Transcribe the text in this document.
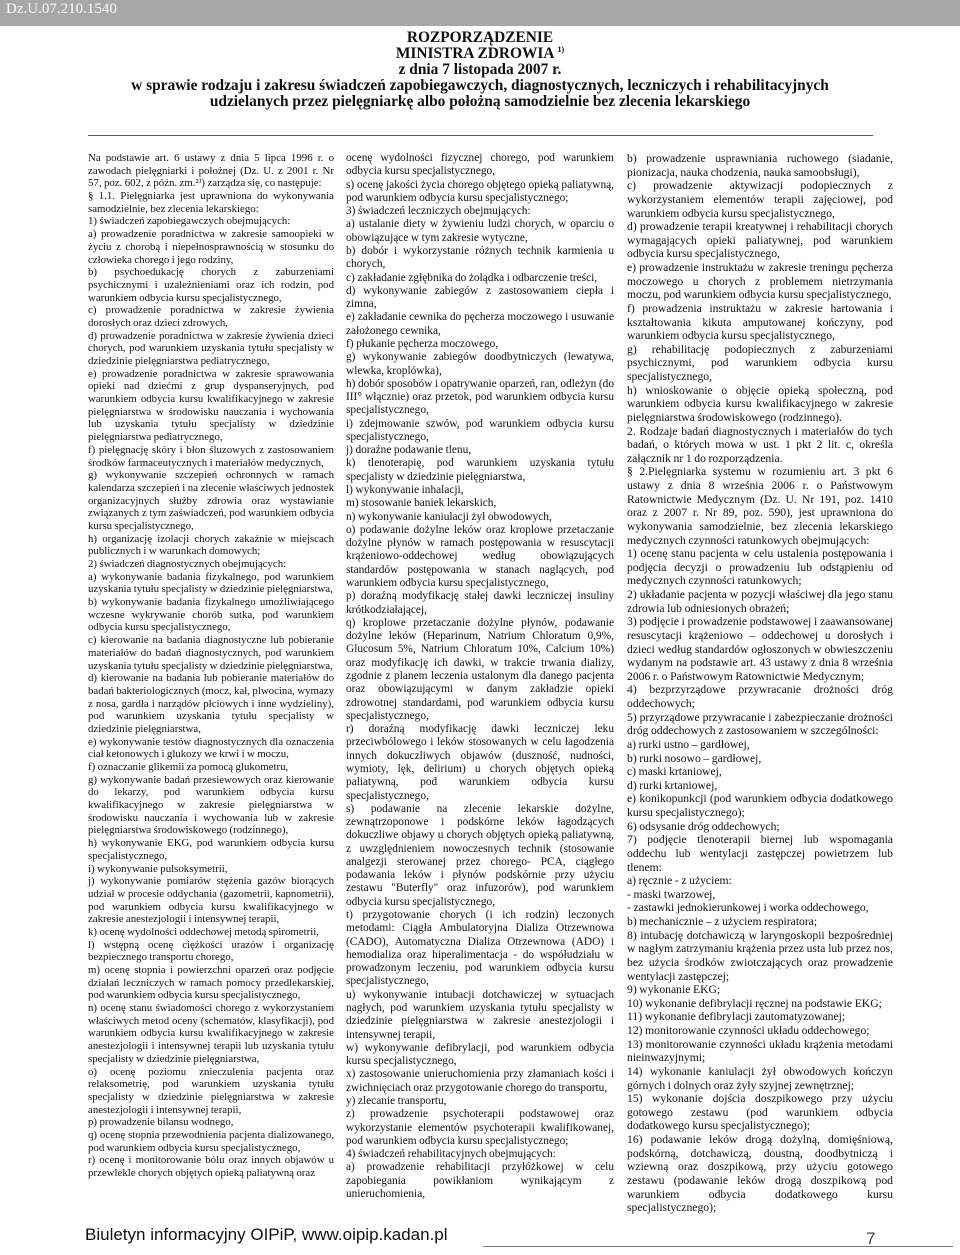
Dz.U.07.210.1540
ROZPORZĄDZENIE
MINISTRA ZDROWIA $^{1)}$
z dnia 7 listopada 2007 r.
w sprawie rodzaju i zakresu świadczeń zapobiegawczych, diagnostycznych, leczniczych i rehabilitacyjnych
udzielanych przez pielęgniarkę albo położną samodzielnie bez zlecenia lekarskiego

Na podstawie art. 6 ustawy z dnia 5 lipca 1996 r. o zawodach pielęgniarki i położnej (Dz. U. z 2001 r. Nr 57, poz. 602, z późn. zm.²⁾) zarządza się, co następuje:

§ 1.1. Pielęgniarka jest uprawniona do wykonywania samodzielnie, bez zlecenia lekarskiego:

1) świadczeń zapobiegawczych obejmujących:

a) prowadzenie poradnictwa w zakresie samoopieki w życiu z chorobą i niepełnosprawnością w stosunku do człowieka chorego i jego rodziny,

b) psychoedukację chorych z zaburzeniami psychicznymi i uzależnieniami oraz ich rodzin, pod warunkiem odbycia kursu specjalistycznego,

c) prowadzenie poradnictwa w zakresie żywienia dorosłych oraz dzieci zdrowych,

d) prowadzenie poradnictwa w zakresie żywienia dzieci chorych, pod warunkiem uzyskania tytułu specjalisty w dziedzinie pielęgniarstwa pediatrycznego,

e) prowadzenie poradnictwa w zakresie sprawowania opieki nad dziećmi z grup dyspanseryjnych, pod warunkiem odbycia kursu kwalifikacyjnego w zakresie pielęgniarstwa w środowisku nauczania i wychowania lub uzyskania tytułu specjalisty w dziedzinie pielęgniarstwa pediatrycznego,

f) pielęgnację skóry i błon śluzowych z zastosowaniem środków farmaceutycznych i materiałów medycznych,

g) wykonywanie szczepień ochronnych w ramach kalendarza szczepień i na zlecenie właściwych jednostek organizacyjnych służby zdrowia oraz wystawianie związanych z tym zaświadczeń, pod warunkiem odbycia kursu specjalistycznego,

h) organizację izolacji chorych zakaźnie w miejscach publicznych i w warunkach domowych;

2) świadczeń diagnostycznych obejmujących:

a) wykonywanie badania fizykalnego, pod warunkiem uzyskania tytułu specjalisty w dziedzinie pielęgniarstwa,

b) wykonywanie badania fizykalnego umożliwiającego wczesne wykrywanie chorób sutka, pod warunkiem odbycia kursu specjalistycznego,

c) kierowanie na badania diagnostyczne lub pobieranie materiałów do badań diagnostycznych, pod warunkiem uzyskania tytułu specjalisty w dziedzinie pielęgniarstwa,

d) kierowanie na badania lub pobieranie materiałów do badań bakteriologicznych (mocz, kał, plwocina, wymazy z nosa, gardła i narządów płciowych i inne wydzieliny), pod warunkiem uzyskania tytułu specjalisty w dziedzinie pielęgniarstwa,

e) wykonywanie testów diagnostycznych dla oznaczenia ciał ketonowych i glukozy we krwi i w moczu,

f) oznaczanie glikemii za pomocą glukometru,

g) wykonywanie badań przesiewowych oraz kierowanie do lekarzy, pod warunkiem odbycia kursu kwalifikacyjnego w zakresie pielęgniarstwa w środowisku nauczania i wychowania lub w zakresie pielęgniarstwa środowiskowego (rodzinnego),

h) wykonywanie EKG, pod warunkiem odbycia kursu specjalistycznego,

i) wykonywanie pulsoksymetrii,

j) wykonywanie pomiarów stężenia gazów biorących udział w procesie oddychania (gazometrii, kapnometrii), pod warunkiem odbycia kursu kwalifikacyjnego w zakresie anestezjologii i intensywnej terapii,

k) ocenę wydolności oddechowej metodą spirometrii,

l) wstępną ocenę ciężkości urazów i organizację bezpiecznego transportu chorego,

m) ocenę stopnia i powierzchni oparzeń oraz podjęcie działań leczniczych w ramach pomocy przedlekarskiej, pod warunkiem odbycia kursu specjalistycznego,

n) ocenę stanu świadomości chorego z wykorzystaniem właściwych metod oceny (schematów, klasyfikacji), pod warunkiem odbycia kursu kwalifikacyjnego w zakresie anestezjologii i intensywnej terapii lub uzyskania tytułu specjalisty w dziedzinie pielęgniarstwa,

o) ocenę poziomu znieczulenia pacjenta oraz relaksometrię, pod warunkiem uzyskania tytułu specjalisty w dziedzinie pielęgniarstwa w zakresie anestezjologii i intensywnej terapii,

p) prowadzenie bilansu wodnego,

q) ocenę stopnia przewodnienia pacjenta dializowanego, pod warunkiem odbycia kursu specjalistycznego,

r) ocenę i monitorowanie bólu oraz innych objawów u przewlekle chorych objętych opieką paliatywną oraz

ocenę wydolności fizycznej chorego, pod warunkiem odbycia kursu specjalistycznego,

s) ocenę jakości życia chorego objętego opieką paliatywną, pod warunkiem odbycia kursu specjalistycznego;

3) świadczeń leczniczych obejmujących:

a) ustalanie diety w żywieniu ludzi chorych, w oparciu o obowiązujące w tym zakresie wytyczne,

b) dobór i wykorzystanie różnych technik karmienia u chorych,

c) zakładanie zgłębnika do żołądka i odbarczenie treści,

d) wykonywanie zabiegów z zastosowaniem ciepła i zimna,

e) zakładanie cewnika do pęcherza moczowego i usuwanie założonego cewnika,

f) płukanie pęcherza moczowego,

g) wykonywanie zabiegów doodbytniczych (lewatywa, wlewka, kroplówka),

h) dobór sposobów i opatrywanie oparzeń, ran, odleżyn (do III° włącznie) oraz przetok, pod warunkiem odbycia kursu specjalistycznego,

i) zdejmowanie szwów, pod warunkiem odbycia kursu specjalistycznego,

j) doraźne podawanie tlenu,

k) tlenoterapię, pod warunkiem uzyskania tytułu specjalisty w dziedzinie pielęgniarstwa,

l) wykonywanie inhalacji,

m) stosowanie baniek lekarskich,

n) wykonywanie kaniulacji żył obwodowych,

o) podawanie dożylne leków oraz kroplowe przetaczanie dożylne płynów w ramach postępowania w resuscytacji krążeniowo-oddechowej według obowiązujących standardów postępowania w stanach naglących, pod warunkiem odbycia kursu specjalistycznego,

p) doraźną modyfikację stałej dawki leczniczej insuliny krótkodziałającej,

q) kroplowe przetaczanie dożylne płynów, podawanie dożylne leków (Heparinum, Natrium Chloratum 0,9%, Glucosum 5%, Natrium Chloratum 10%, Calcium 10%) oraz modyfikację ich dawki, w trakcie trwania dializy, zgodnie z planem leczenia ustalonym dla danego pacjenta oraz obowiązującymi w danym zakładzie opieki zdrowotnej standardami, pod warunkiem odbycia kursu specjalistycznego,

r) doraźną modyfikację dawki leczniczej leku przeciwbólowego i leków stosowanych w celu łagodzenia innych dokuczliwych objawów (duszność, nudności, wymioty, lęk, delirium) u chorych objętych opieką paliatywną, pod warunkiem odbycia kursu specjalistycznego,

s) podawanie na zlecenie lekarskie dożylne, zewnątrzoponowe i podskórne leków łagodzących dokuczliwe objawy u chorych objętych opieką paliatywną, z uwzględnieniem nowoczesnych technik (stosowanie analgezji sterowanej przez chorego- PCA, ciągłego podawania leków i płynów podskórnie przy użyciu zestawu "Buterfly" oraz infuzorów), pod warunkiem odbycia kursu specjalistycznego,

t) przygotowanie chorych (i ich rodzin) leczonych metodami: Ciągła Ambulatoryjna Dializa Otrzewnowa (CADO), Automatyczna Dializa Otrzewnowa (ADO) i hemodializa oraz hiperalimentacja - do współudziału w prowadzonym leczeniu, pod warunkiem odbycia kursu specjalistycznego,

u) wykonywanie intubacji dotchawiczej w sytuacjach nagłych, pod warunkiem uzyskania tytułu specjalisty w dziedzinie pielęgniarstwa w zakresie anestezjologii i intensywnej terapii,

w) wykonywanie defibrylacji, pod warunkiem odbycia kursu specjalistycznego,

x) zastosowanie unieruchomienia przy złamaniach kości i zwichnięciach oraz przygotowanie chorego do transportu,

y) zlecanie transportu,

z) prowadzenie psychoterapii podstawowej oraz wykorzystanie elementów psychoterapii kwalifikowanej, pod warunkiem odbycia kursu specjalistycznego;

4) świadczeń rehabilitacyjnych obejmujących:

a) prowadzenie rehabilitacji przyłóżkowej w celu zapobiegania powikłaniom wynikającym z unieruchomienia,

b) prowadzenie usprawniania ruchowego (siadanie, pionizacja, nauka chodzenia, nauka samoobsługi),

c) prowadzenie aktywizacji podopiecznych z wykorzystaniem elementów terapii zajęciowej, pod warunkiem odbycia kursu specjalistycznego,

d) prowadzenie terapii kreatywnej i rehabilitacji chorych wymagających opieki paliatywnej, pod warunkiem odbycia kursu specjalistycznego,

e) prowadzenie instruktażu w zakresie treningu pęcherza moczowego u chorych z problemem nietrzymania moczu, pod warunkiem odbycia kursu specjalistycznego,

f) prowadzenia instruktażu w zakresie hartowania i kształtowania kikuta amputowanej kończyny, pod warunkiem odbycia kursu specjalistycznego,

g) rehabilitację podopiecznych z zaburzeniami psychicznymi, pod warunkiem odbycia kursu specjalistycznego,

h) wnioskowanie o objęcie opieką społeczną, pod warunkiem odbycia kursu kwalifikacyjnego w zakresie pielęgniarstwa środowiskowego (rodzinnego).

2. Rodzaje badań diagnostycznych i materiałów do tych badań, o których mowa w ust. 1 pkt 2 lit. c, określa załącznik nr 1 do rozporządzenia.

§ 2.Pielęgniarka systemu w rozumieniu art. 3 pkt 6 ustawy z dnia 8 września 2006 r. o Państwowym Ratownictwie Medycznym (Dz. U. Nr 191, poz. 1410 oraz z 2007 r. Nr 89, poz. 590), jest uprawniona do wykonywania samodzielnie, bez zlecenia lekarskiego medycznych czynności ratunkowych obejmujących:

1) ocenę stanu pacjenta w celu ustalenia postępowania i podjęcia decyzji o prowadzeniu lub odstąpieniu od medycznych czynności ratunkowych;

2) układanie pacjenta w pozycji właściwej dla jego stanu zdrowia lub odniesionych obrażeń;

3) podjęcie i prowadzenie podstawowej i zaawansowanej resuscytacji krążeniowo – oddechowej u dorosłych i dzieci według standardów ogłoszonych w obwieszczeniu wydanym na podstawie art. 43 ustawy z dnia 8 września 2006 r. o Państwowym Ratownictwie Medycznym;

4) bezprzyrządowe przywracanie drożności dróg oddechowych;

5) przyrządowe przywracanie i zabezpieczanie drożności dróg oddechowych z zastosowaniem w szczególności:

a) rurki ustno – gardłowej,

b) rurki nosowo – gardłowej,

c) maski krtaniowej,

d) rurki krtaniowej,

e) konikopunkcji (pod warunkiem odbycia dodatkowego kursu specjalistycznego);

6) odsysanie dróg oddechowych;

7) podjęcie tlenoterapii biernej lub wspomagania oddechu lub wentylacji zastępczej powietrzem lub tlenem:

a) ręcznie - z użyciem:

- maski twarzowej,

- zastawki jednokierunkowej i worka oddechowego,

b) mechanicznie – z użyciem respiratora;

8) intubację dotchawiczą w laryngoskopii bezpośredniej w nagłym zatrzymaniu krążenia przez usta lub przez nos, bez użycia środków zwiotczających oraz prowadzenie wentylacji zastępczej;

9) wykonanie EKG;

10) wykonanie defibrylacji ręcznej na podstawie EKG;

11) wykonanie defibrylacji zautomatyzowanej;

12) monitorowanie czynności układu oddechowego;

13) monitorowanie czynności układu krążenia metodami nieinwazyjnymi;

14) wykonanie kaniulacji żył obwodowych kończyn górnych i dolnych oraz żyły szyjnej zewnętrznej;

15) wykonanie dojścia doszpikowego przy użyciu gotowego zestawu (pod warunkiem odbycia dodatkowego kursu specjalistycznego);

16) podawanie leków drogą dożylną, domięśniową, podskórną, dotchawiczą, doustną, doodbytniczą i wziewną oraz doszpikową, przy użyciu gotowego zestawu (podawanie leków drogą doszpikową pod warunkiem odbycia dodatkowego kursu specjalistycznego);

Biuletyn informacyjny OIPiP, www.oipip.kadan.pl	7
